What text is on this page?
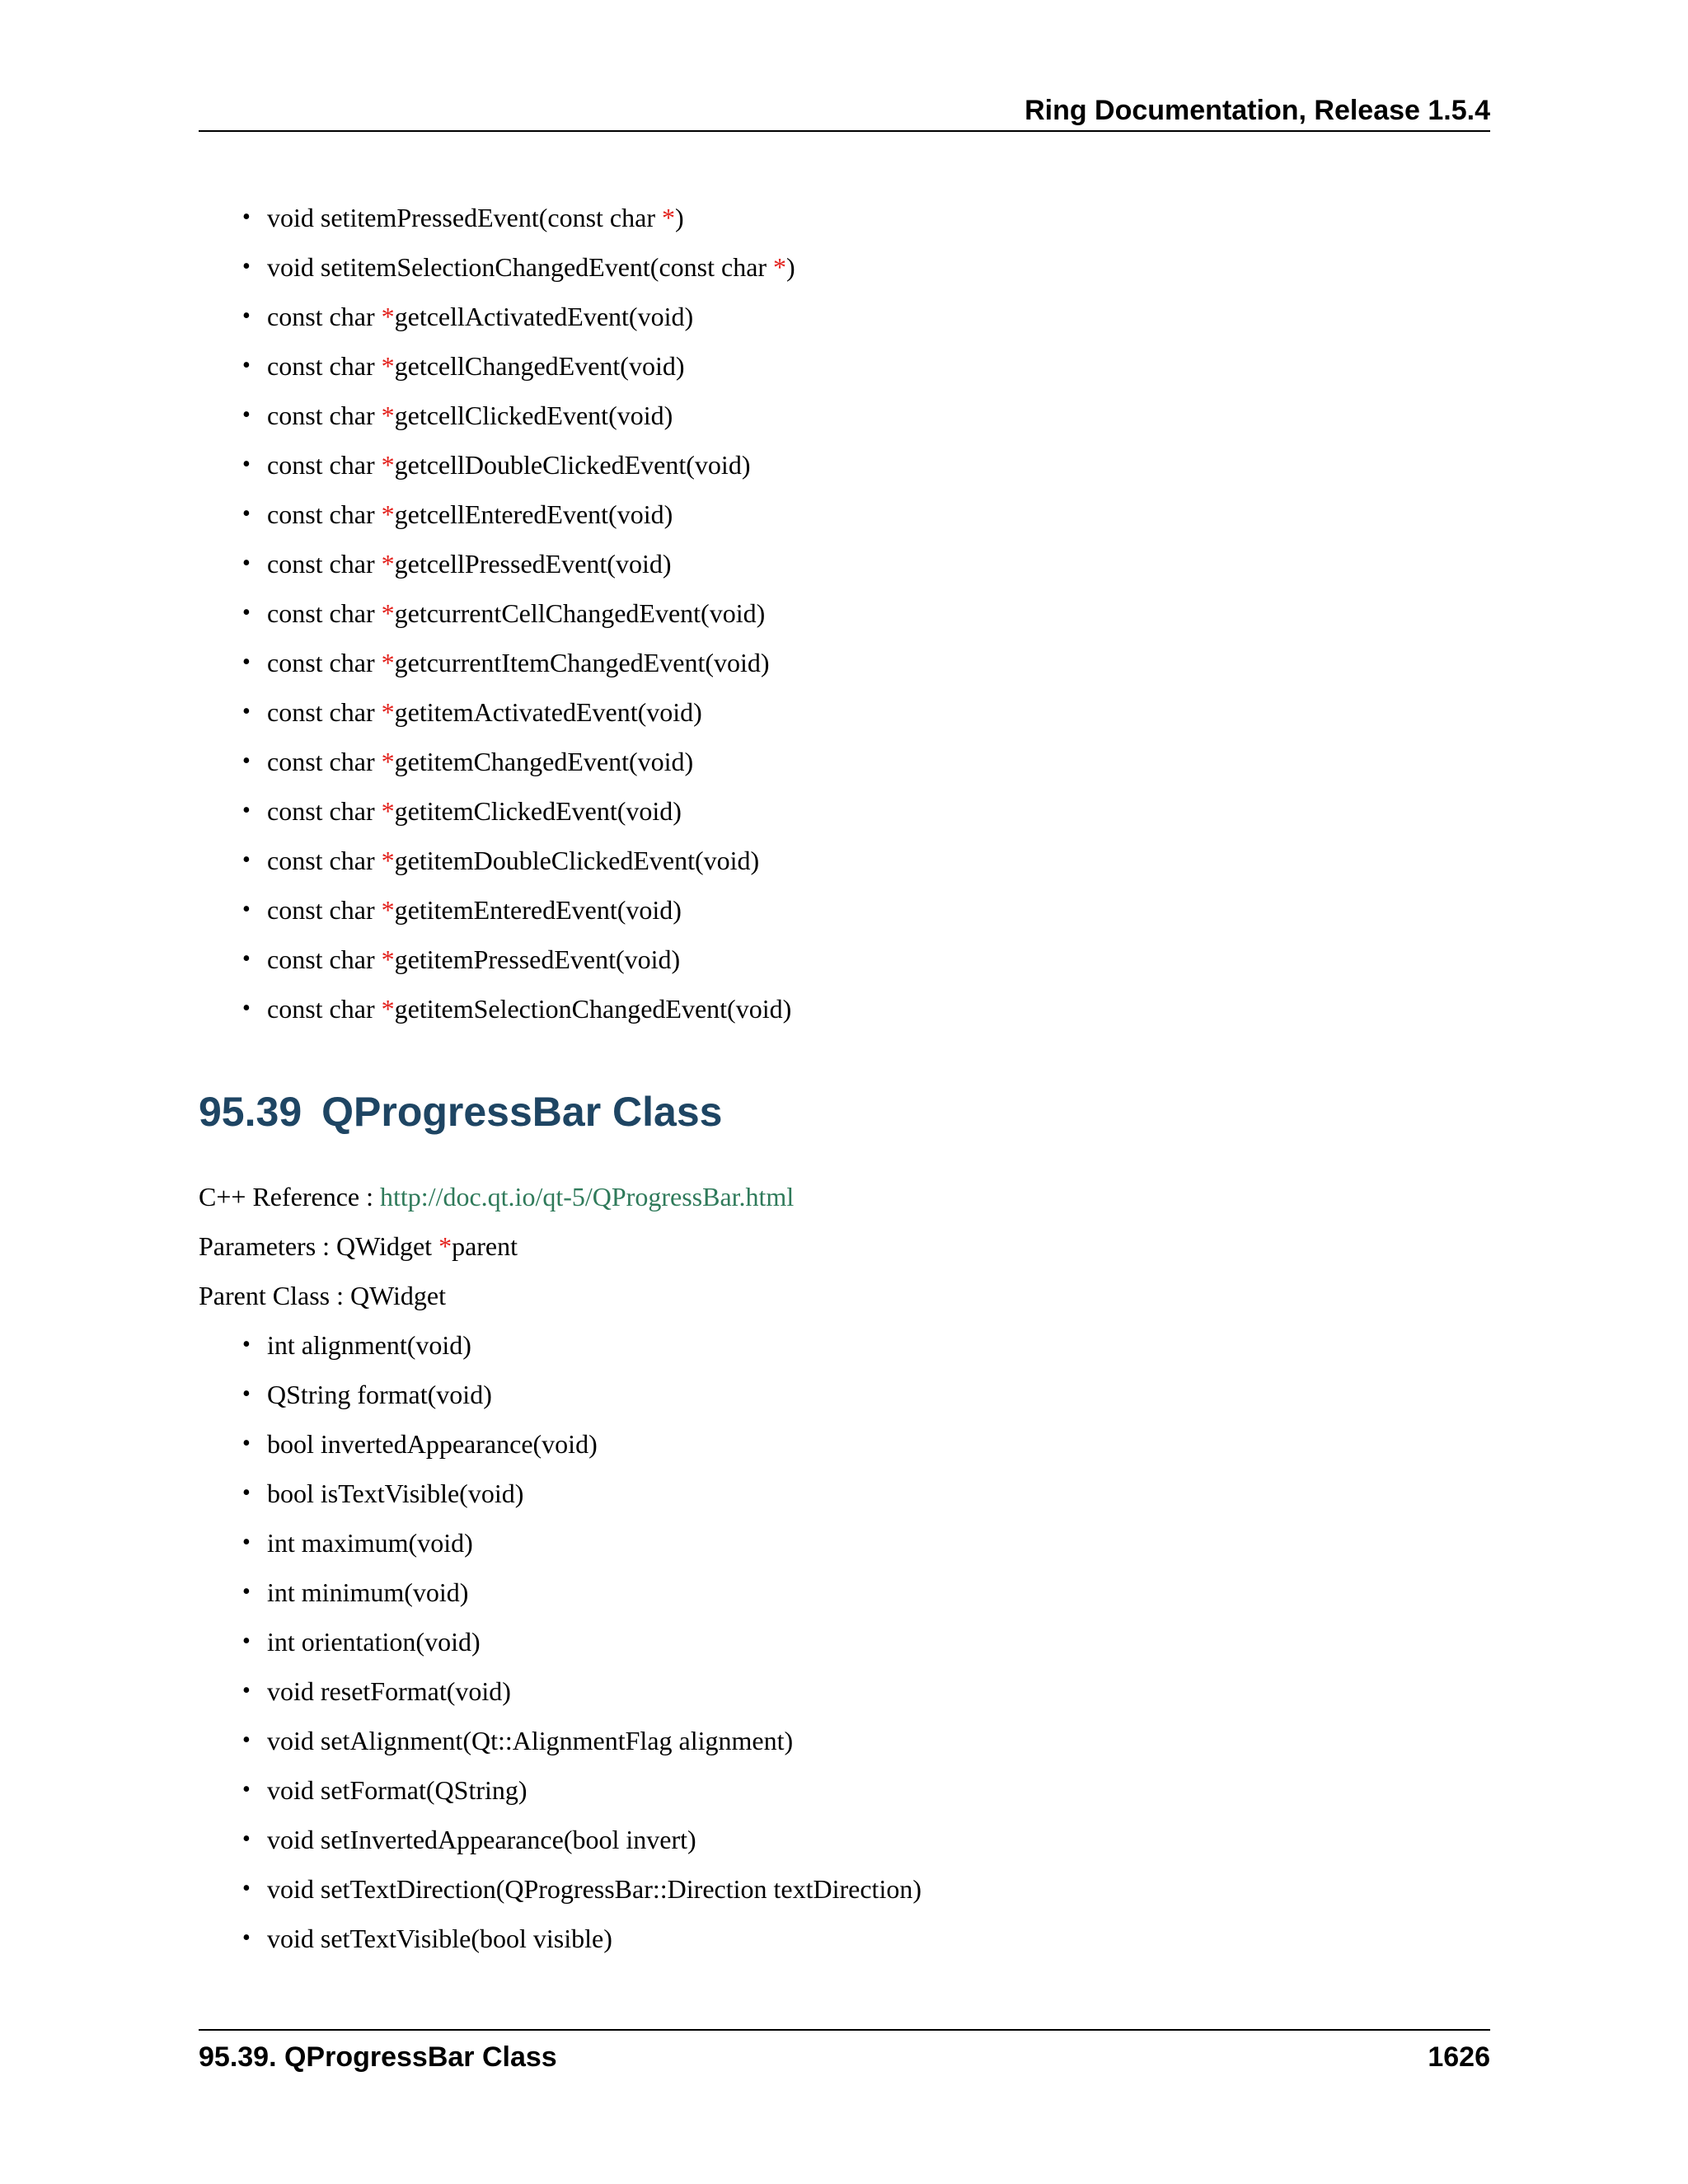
Ring Documentation, Release 1.5.4
• void setitemPressedEvent(const char *)
• void setitemSelectionChangedEvent(const char *)
• const char *getcellActivatedEvent(void)
• const char *getcellChangedEvent(void)
• const char *getcellClickedEvent(void)
• const char *getcellDoubleClickedEvent(void)
• const char *getcellEnteredEvent(void)
• const char *getcellPressedEvent(void)
• const char *getcurrentCellChangedEvent(void)
• const char *getcurrentItemChangedEvent(void)
• const char *getitemActivatedEvent(void)
• const char *getitemChangedEvent(void)
• const char *getitemClickedEvent(void)
• const char *getitemDoubleClickedEvent(void)
• const char *getitemEnteredEvent(void)
• const char *getitemPressedEvent(void)
• const char *getitemSelectionChangedEvent(void)
95.39 QProgressBar Class
C++ Reference : http://doc.qt.io/qt-5/QProgressBar.html
Parameters : QWidget *parent
Parent Class : QWidget
• int alignment(void)
• QString format(void)
• bool invertedAppearance(void)
• bool isTextVisible(void)
• int maximum(void)
• int minimum(void)
• int orientation(void)
• void resetFormat(void)
• void setAlignment(Qt::AlignmentFlag alignment)
• void setFormat(QString)
• void setInvertedAppearance(bool invert)
• void setTextDirection(QProgressBar::Direction textDirection)
• void setTextVisible(bool visible)
95.39. QProgressBar Class	1626
